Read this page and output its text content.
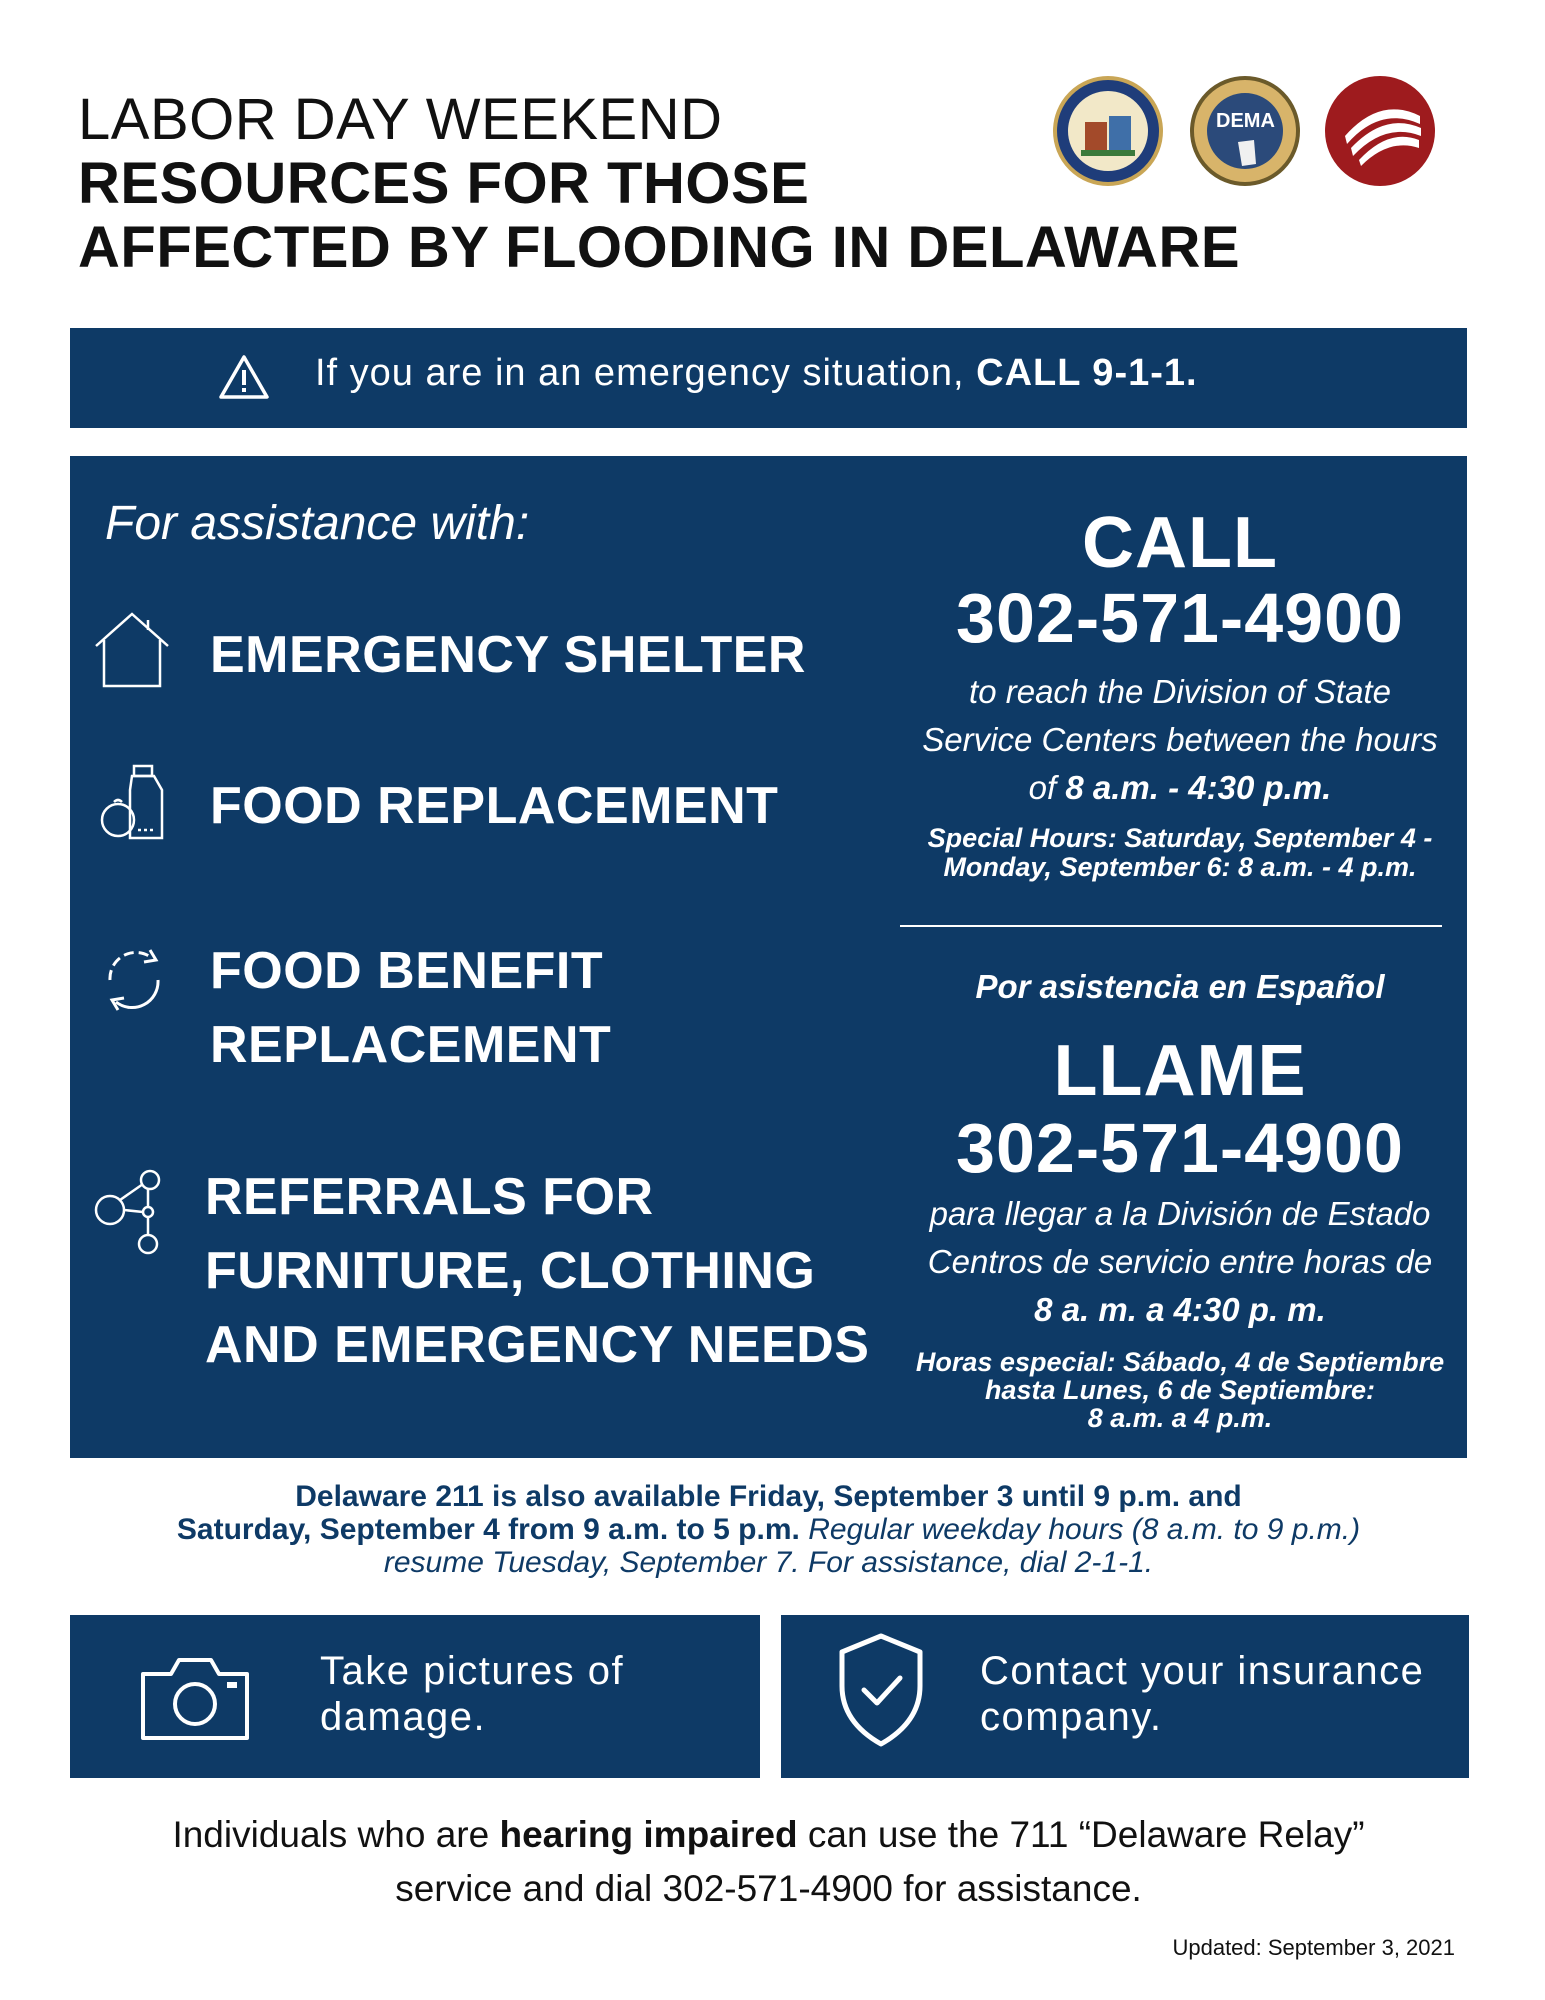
LABOR DAY WEEKEND
RESOURCES FOR THOSE
AFFECTED BY FLOODING IN DELAWARE
DEMA
If you are in an emergency situation, CALL 9-1-1.
For assistance with:
EMERGENCY SHELTER
FOOD REPLACEMENT
FOOD BENEFIT REPLACEMENT
REFERRALS FOR FURNITURE, CLOTHING AND EMERGENCY NEEDS
CALL
302-571-4900
to reach the Division of State
Service Centers between the hours
of 8 a.m. - 4:30 p.m.
Special Hours: Saturday, September 4 -
Monday, September 6: 8 a.m. - 4 p.m.
Por asistencia en Español
LLAME
302-571-4900
para llegar a la División de Estado
Centros de servicio entre horas de
8 a. m. a 4:30 p. m.
Horas especial: Sábado, 4 de Septiembre
hasta Lunes, 6 de Septiembre:
8 a.m. a 4 p.m.
Delaware 211 is also available Friday, September 3 until 9 p.m. and
Saturday, September 4 from 9 a.m. to 5 p.m. Regular weekday hours (8 a.m. to 9 p.m.)
resume Tuesday, September 7. For assistance, dial 2-1-1.
Take pictures of damage.
Contact your insurance company.
Individuals who are hearing impaired can use the 711 “Delaware Relay”
service and dial 302-571-4900 for assistance.
Updated: September 3, 2021
